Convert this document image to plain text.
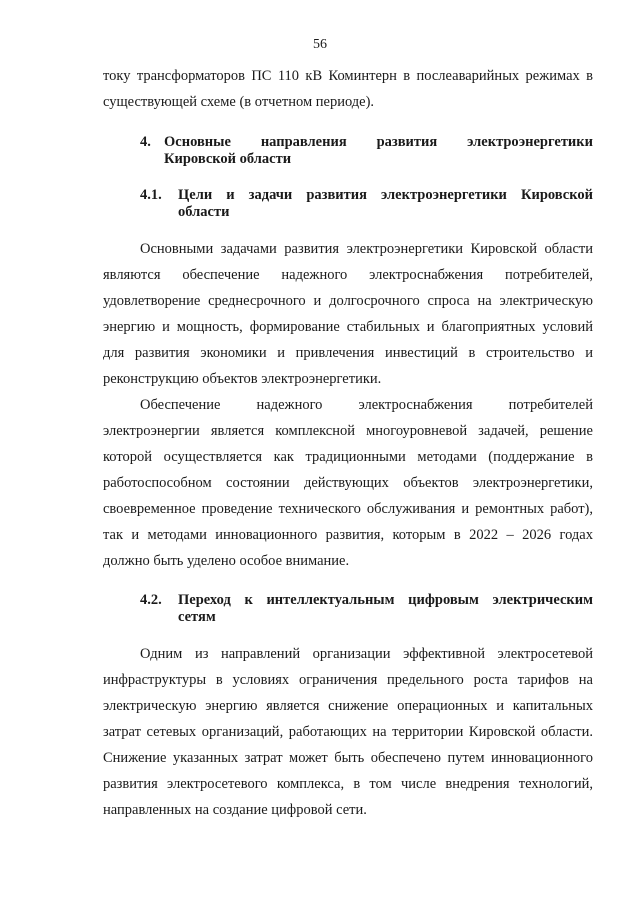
56
току трансформаторов ПС 110 кВ Коминтерн в послеаварийных режимах в
существующей схеме (в отчетном периоде).
4. Основные направления развития электроэнергетики
Кировской области
4.1. Цели и задачи развития электроэнергетики Кировской
области
Основными задачами развития электроэнергетики Кировской области
являются обеспечение надежного электроснабжения потребителей,
удовлетворение среднесрочного и долгосрочного спроса на электрическую
энергию и мощность, формирование стабильных и благоприятных условий
для развития экономики и привлечения инвестиций в строительство и
реконструкцию объектов электроэнергетики.
Обеспечение надежного электроснабжения потребителей
электроэнергии является комплексной многоуровневой задачей, решение
которой осуществляется как традиционными методами (поддержание в
работоспособном состоянии действующих объектов электроэнергетики,
своевременное проведение технического обслуживания и ремонтных работ),
так и методами инновационного развития, которым в 2022 – 2026 годах
должно быть уделено особое внимание.
4.2. Переход к интеллектуальным цифровым электрическим
сетям
Одним из направлений организации эффективной электросетевой
инфраструктуры в условиях ограничения предельного роста тарифов на
электрическую энергию является снижение операционных и капитальных
затрат сетевых организаций, работающих на территории Кировской области.
Снижение указанных затрат может быть обеспечено путем инновационного
развития электросетевого комплекса, в том числе внедрения технологий,
направленных на создание цифровой сети.
